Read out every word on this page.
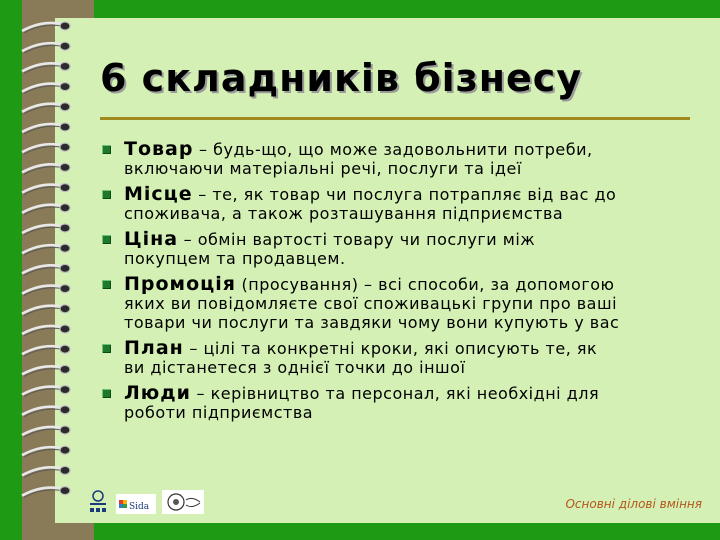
6 складників бізнесу
Товар – будь-що, що може задовольнити потреби,
включаючи матеріальні речі, послуги та ідеї
Місце – те, як товар чи послуга потрапляє від вас до
споживача, а також розташування підприємства
Ціна – обмін вартості товару чи послуги між
покупцем та продавцем.
Промоція (просування) – всі способи, за допомогою
яких ви повідомляєте свої споживацькі групи про ваші
товари чи послуги та завдяки чому вони купують у вас
План – цілі та конкретні кроки, які описують те, як
ви дістанетеся з однієї точки до іншої
Люди – керівництво та персонал, які необхідні для
роботи підприємства
Sida	Основні ділові вміння
